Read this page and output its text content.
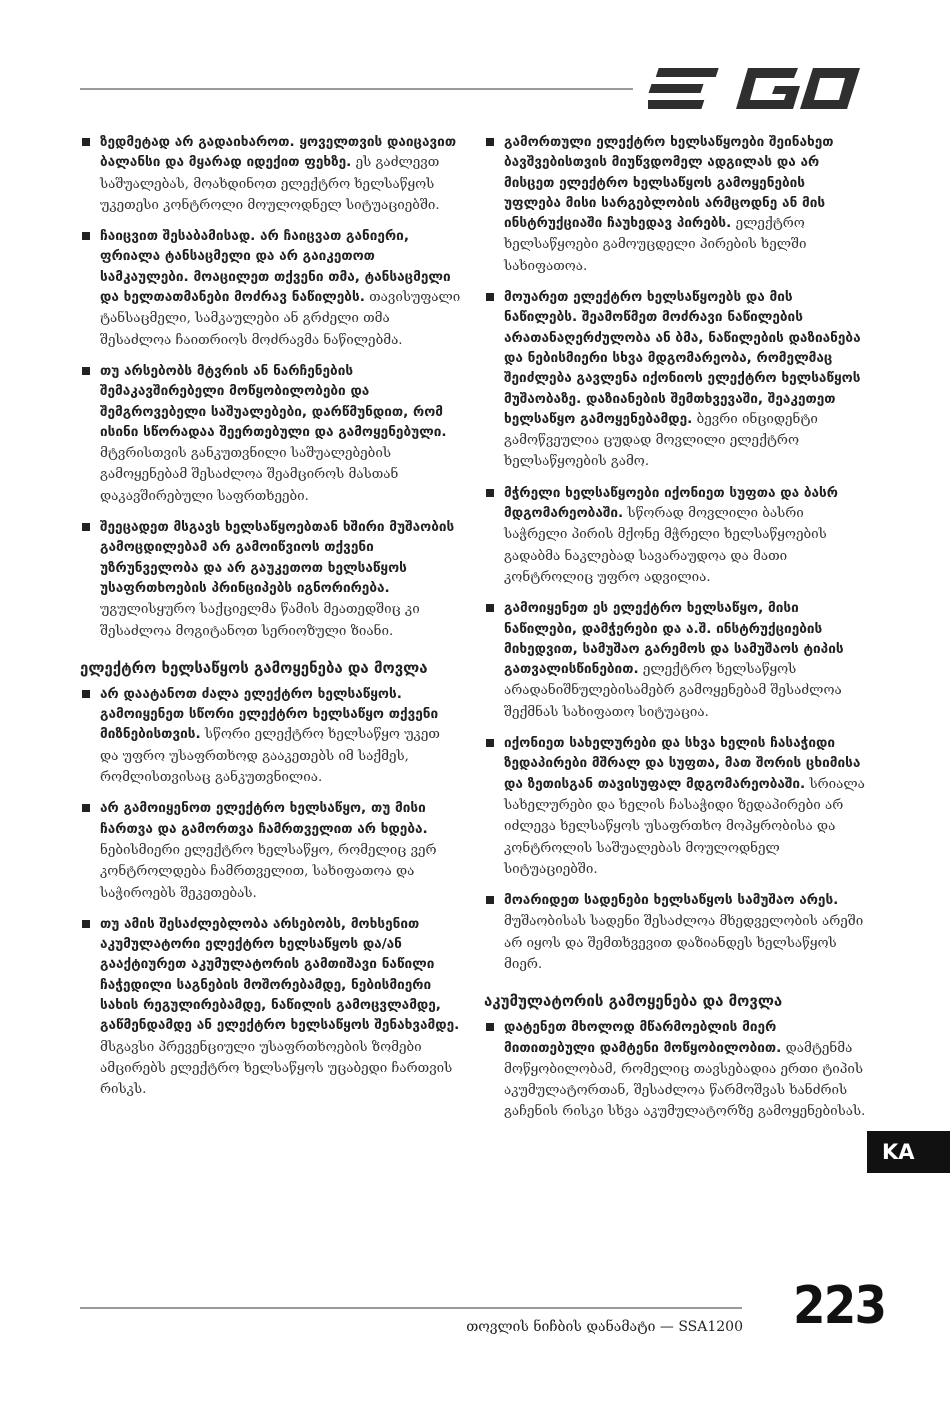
ზედმეტად არ გადაიხაროთ. ყოველთვის დაიცავით ბალანსი და მყარად იდექით ფეხზე. ეს გაძლევთ საშუალებას, მოახდინოთ ელექტრო ხელსაწყოს უკეთესი კონტროლი მოულოდნელ სიტუაციებში.
ჩაიცვით შესაბამისად. არ ჩაიცვათ განიერი, ფრიალა ტანსაცმელი და არ გაიკეთოთ სამკაულები. მოაცილეთ თქვენი თმა, ტანსაცმელი და ხელთათმანები მოძრავ ნაწილებს. თავისუფალი ტანსაცმელი, სამკაულები ან გრძელი თმა შესაძლოა ჩაითრიოს მოძრავმა ნაწილებმა.
თუ არსებობს მტვრის ან ნარჩენების შემაკავშირებელი მოწყობილობები და შემგროვებელი საშუალებები, დარწმუნდით, რომ ისინი სწორადაა შეერთებული და გამოყენებული. მტვრისთვის განკუთვნილი საშუალებების გამოყენებამ შესაძლოა შეამციროს მასთან დაკავშირებული საფრთხეები.
შეეცადეთ მსგავს ხელსაწყოებთან ხშირი მუშაობის გამოცდილებამ არ გამოიწვიოს თქვენი უზრუნველობა და არ გაუკეთოთ ხელსაწყოს უსაფრთხოების პრინციპებს იგნორირება. უგულისყურო საქციელმა წამის მეათედშიც კი შესაძლოა მოგიტანოთ სერიოზული ზიანი.
ელექტრო ხელსაწყოს გამოყენება და მოვლა
არ დაატანოთ ძალა ელექტრო ხელსაწყოს. გამოიყენეთ სწორი ელექტრო ხელსაწყო თქვენი მიზნებისთვის. სწორი ელექტრო ხელსაწყო უკეთ და უფრო უსაფრთხოდ გააკეთებს იმ საქმეს, რომლისთვისაც განკუთვნილია.
არ გამოიყენოთ ელექტრო ხელსაწყო, თუ მისი ჩართვა და გამორთვა ჩამრთველით არ ხდება. ნებისმიერი ელექტრო ხელსაწყო, რომელიც ვერ კონტროლდება ჩამრთველით, სახიფათოა და საჭიროებს შეკეთებას.
თუ ამის შესაძლებლობა არსებობს, მოხსენით აკუმულატორი ელექტრო ხელსაწყოს და/ან გააქტიურეთ აკუმულატორის გამთიშავი ნაწილი ჩაჭედილი საგნების მოშორებამდე, ნებისმიერი სახის რეგულირებამდე, ნაწილის გამოცვლამდე, გაწმენდამდე ან ელექტრო ხელსაწყოს შენახვამდე. მსგავსი პრევენციული უსაფრთხოების ზომები ამცირებს ელექტრო ხელსაწყოს უცაბედი ჩართვის რისკს.
გამორთული ელექტრო ხელსაწყოები შეინახეთ ბავშვებისთვის მიუწვდომელ ადგილას და არ მისცეთ ელექტრო ხელსაწყოს გამოყენების უფლება მისი სარგებლობის არმცოდნე ან მის ინსტრუქციაში ჩაუხედავ პირებს. ელექტრო ხელსაწყოები გამოუცდელი პირების ხელში სახიფათოა.
მოუარეთ ელექტრო ხელსაწყოებს და მის ნაწილებს. შეამოწმეთ მოძრავი ნაწილების არათანაღერძულობა ან ბმა, ნაწილების დაზიანება და ნებისმიერი სხვა მდგომარეობა, რომელმაც შეიძლება გავლენა იქონიოს ელექტრო ხელსაწყოს მუშაობაზე. დაზიანების შემთხვევაში, შეაკეთეთ ხელსაწყო გამოყენებამდე. ბევრი ინციდენტი გამოწვეულია ცუდად მოვლილი ელექტრო ხელსაწყოების გამო.
მჭრელი ხელსაწყოები იქონიეთ სუფთა და ბასრ მდგომარეობაში. სწორად მოვლილი ბასრი საჭრელი პირის მქონე მჭრელი ხელსაწყოების გადაბმა ნაკლებად სავარაუდოა და მათი კონტროლიც უფრო ადვილია.
გამოიყენეთ ეს ელექტრო ხელსაწყო, მისი ნაწილები, დამჭერები და ა.შ. ინსტრუქციების მიხედვით, სამუშაო გარემოს და სამუშაოს ტიპის გათვალისწინებით. ელექტრო ხელსაწყოს არადანიშნულებისამებრ გამოყენებამ შესაძლოა შექმნას სახიფათო სიტუაცია.
იქონიეთ სახელურები და სხვა ხელის ჩასაჭიდი ზედაპირები მშრალ და სუფთა, მათ შორის ცხიმისა და ზეთისგან თავისუფალ მდგომარეობაში. სრიალა სახელურები და ხელის ჩასაჭიდი ზედაპირები არ იძლევა ხელსაწყოს უსაფრთხო მოპყრობისა და კონტროლის საშუალებას მოულოდნელ სიტუაციებში.
მოარიდეთ სადენები ხელსაწყოს სამუშაო არეს. მუშაობისას სადენი შესაძლოა მხედველობის არეში არ იყოს და შემთხვევით დაზიანდეს ხელსაწყოს მიერ.
აკუმულატორის გამოყენება და მოვლა
დატენეთ მხოლოდ მწარმოებლის მიერ მითითებული დამტენი მოწყობილობით. დამტენმა მოწყობილობამ, რომელიც თავსებადია ერთი ტიპის აკუმულატორთან, შესაძლოა წარმოშვას ხანძრის გაჩენის რისკი სხვა აკუმულატორზე გამოყენებისას.
KA
თოვლის ნიჩბის დანამატი — SSA1200 223
